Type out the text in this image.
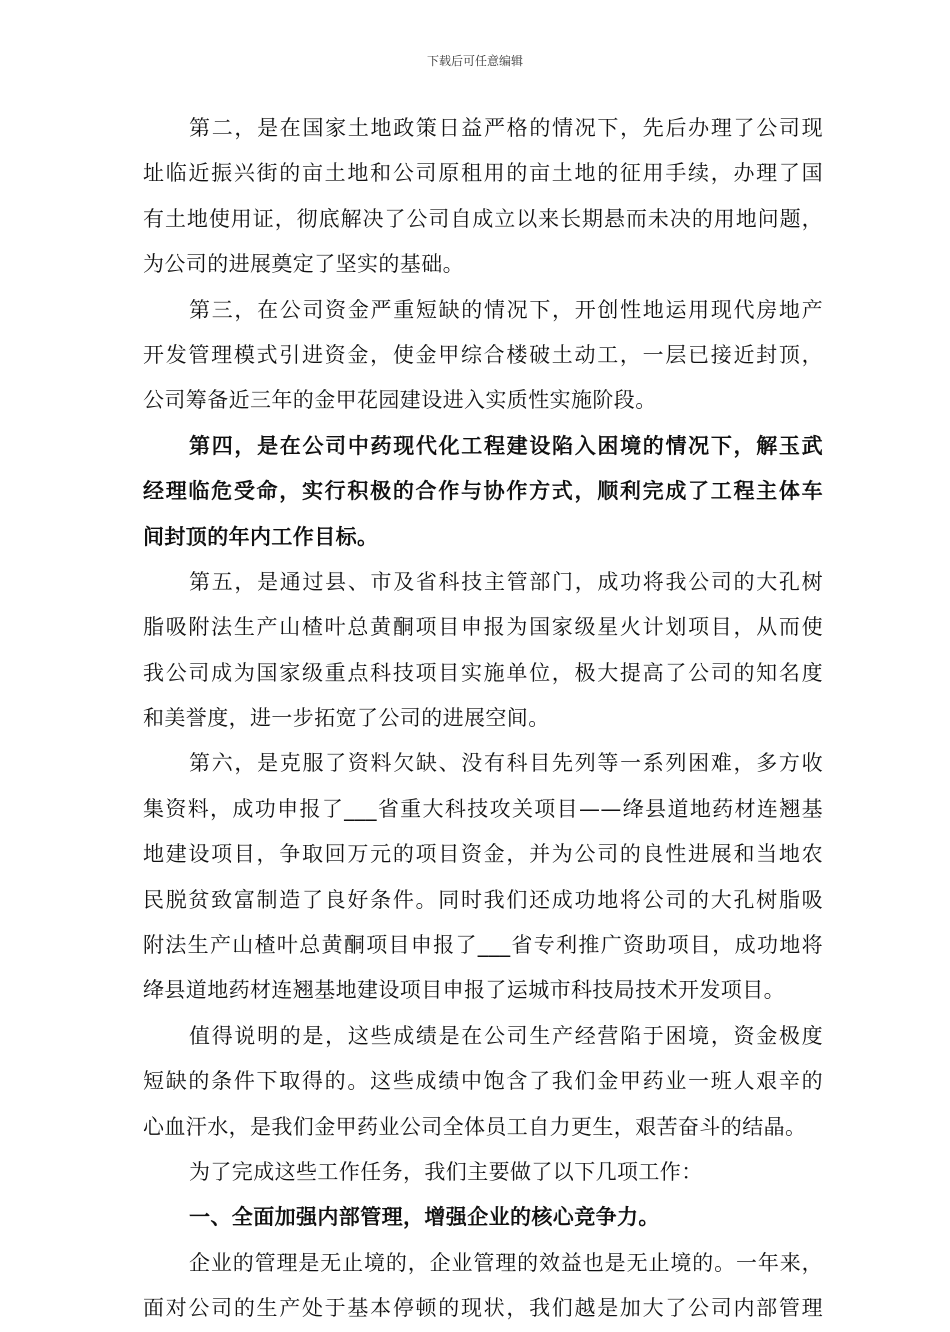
下载后可任意编辑
第二，是在国家土地政策日益严格的情况下，先后办理了公司现
址临近振兴街的亩土地和公司原租用的亩土地的征用手续，办理了国
有土地使用证，彻底解决了公司自成立以来长期悬而未决的用地问题，
为公司的进展奠定了坚实的基础。
第三，在公司资金严重短缺的情况下，开创性地运用现代房地产
开发管理模式引进资金，使金甲综合楼破土动工，一层已接近封顶，
公司筹备近三年的金甲花园建设进入实质性实施阶段。
第四，是在公司中药现代化工程建设陷入困境的情况下，解玉武
经理临危受命，实行积极的合作与协作方式，顺利完成了工程主体车
间封顶的年内工作目标。
第五，是通过县、市及省科技主管部门，成功将我公司的大孔树
脂吸附法生产山楂叶总黄酮项目申报为国家级星火计划项目，从而使
我公司成为国家级重点科技项目实施单位，极大提高了公司的知名度
和美誉度，进一步拓宽了公司的进展空间。
第六，是克服了资料欠缺、没有科目先列等一系列困难，多方收
集资料，成功申报了___省重大科技攻关项目——绛县道地药材连翘基
地建设项目，争取回万元的项目资金，并为公司的良性进展和当地农
民脱贫致富制造了良好条件。同时我们还成功地将公司的大孔树脂吸
附法生产山楂叶总黄酮项目申报了___省专利推广资助项目，成功地将
绛县道地药材连翘基地建设项目申报了运城市科技局技术开发项目。
值得说明的是，这些成绩是在公司生产经营陷于困境，资金极度
短缺的条件下取得的。这些成绩中饱含了我们金甲药业一班人艰辛的
心血汗水，是我们金甲药业公司全体员工自力更生，艰苦奋斗的结晶。
为了完成这些工作任务，我们主要做了以下几项工作：
一、全面加强内部管理，增强企业的核心竞争力。
企业的管理是无止境的，企业管理的效益也是无止境的。一年来，
面对公司的生产处于基本停顿的现状，我们越是加大了公司内部管理
